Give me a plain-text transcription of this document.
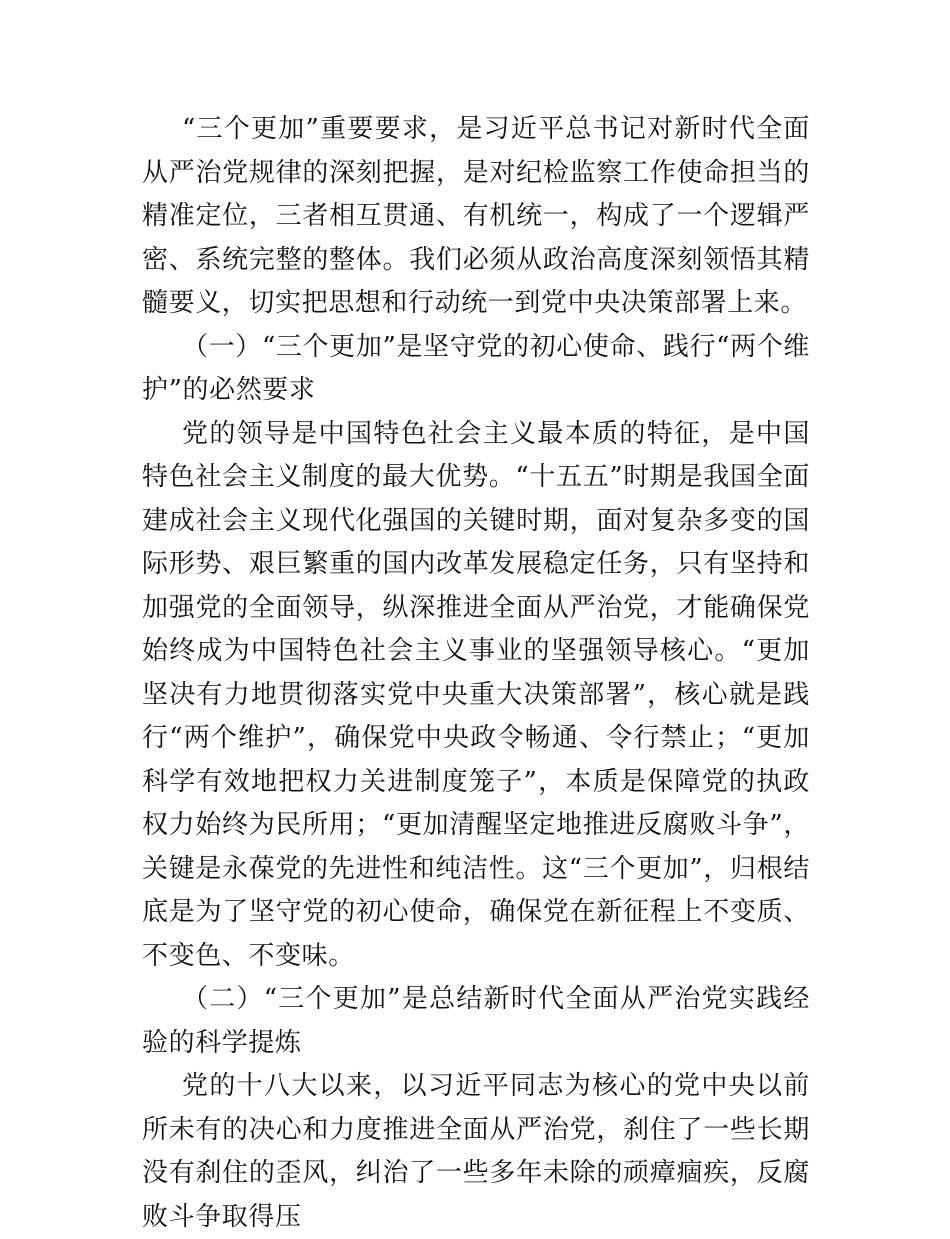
“三个更加”重要要求，是习近平总书记对新时代全面从严治党规律的深刻把握，是对纪检监察工作使命担当的精准定位，三者相互贯通、有机统一，构成了一个逻辑严密、系统完整的整体。我们必须从政治高度深刻领悟其精髓要义，切实把思想和行动统一到党中央决策部署上来。

（一）“三个更加”是坚守党的初心使命、践行“两个维护”的必然要求

党的领导是中国特色社会主义最本质的特征，是中国特色社会主义制度的最大优势。“十五五”时期是我国全面建成社会主义现代化强国的关键时期，面对复杂多变的国际形势、艰巨繁重的国内改革发展稳定任务，只有坚持和加强党的全面领导，纵深推进全面从严治党，才能确保党始终成为中国特色社会主义事业的坚强领导核心。“更加坚决有力地贯彻落实党中央重大决策部署”，核心就是践行“两个维护”，确保党中央政令畅通、令行禁止；“更加科学有效地把权力关进制度笼子”，本质是保障党的执政权力始终为民所用；“更加清醒坚定地推进反腐败斗争”，关键是永葆党的先进性和纯洁性。这“三个更加”，归根结底是为了坚守党的初心使命，确保党在新征程上不变质、不变色、不变味。

（二）“三个更加”是总结新时代全面从严治党实践经验的科学提炼

党的十八大以来，以习近平同志为核心的党中央以前所未有的决心和力度推进全面从严治党，刹住了一些长期没有刹住的歪风，纠治了一些多年未除的顽瘴痼疾，反腐败斗争取得压
